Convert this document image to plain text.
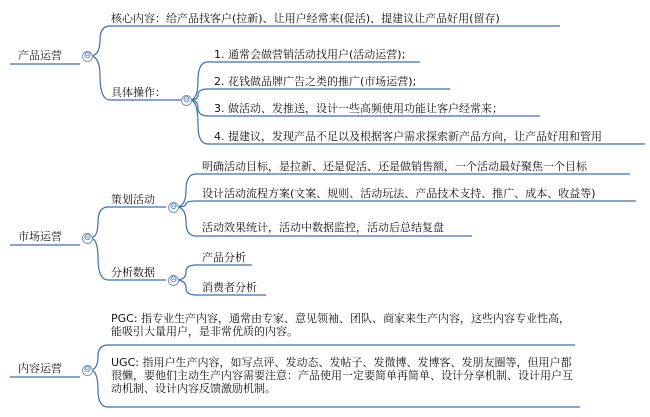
产品运营
市场运营
内容运营
⊖
⊖
⊖
核心内容：给产品找客户(拉新)、让用户经常来(促活)、提建议让产品好用(留存)
具体操作：
⊖
1. 通常会做营销活动找用户(活动运营);
2. 花钱做品牌广告之类的推广(市场运营);
3. 做活动、发推送，设计一些高频使用功能让客户经常来；
4. 提建议，发现产品不足以及根据客户需求探索新产品方向，让产品好用和管用
策划活动
⊖
分析数据
⊖
明确活动目标，是拉新、还是促活、还是做销售额，一个活动最好聚焦一个目标
设计活动流程方案(文案、规则、活动玩法、产品技术支持、推广、成本、收益等)
活动效果统计，活动中数据监控，活动后总结复盘
产品分析
消费者分析
PGC: 指专业生产内容，通常由专家、意见领袖、团队、商家来生产内容，这些内容专业性高，能吸引大量用户，是非常优质的内容。
UGC: 指用户生产内容，如写点评、发动态、发帖子、发微博、发博客、发朋友圈等，但用户都很懒，要他们主动生产内容需要注意：产品使用一定要简单再简单、设计分享机制、设计用户互动机制、设计内容反馈激励机制。
